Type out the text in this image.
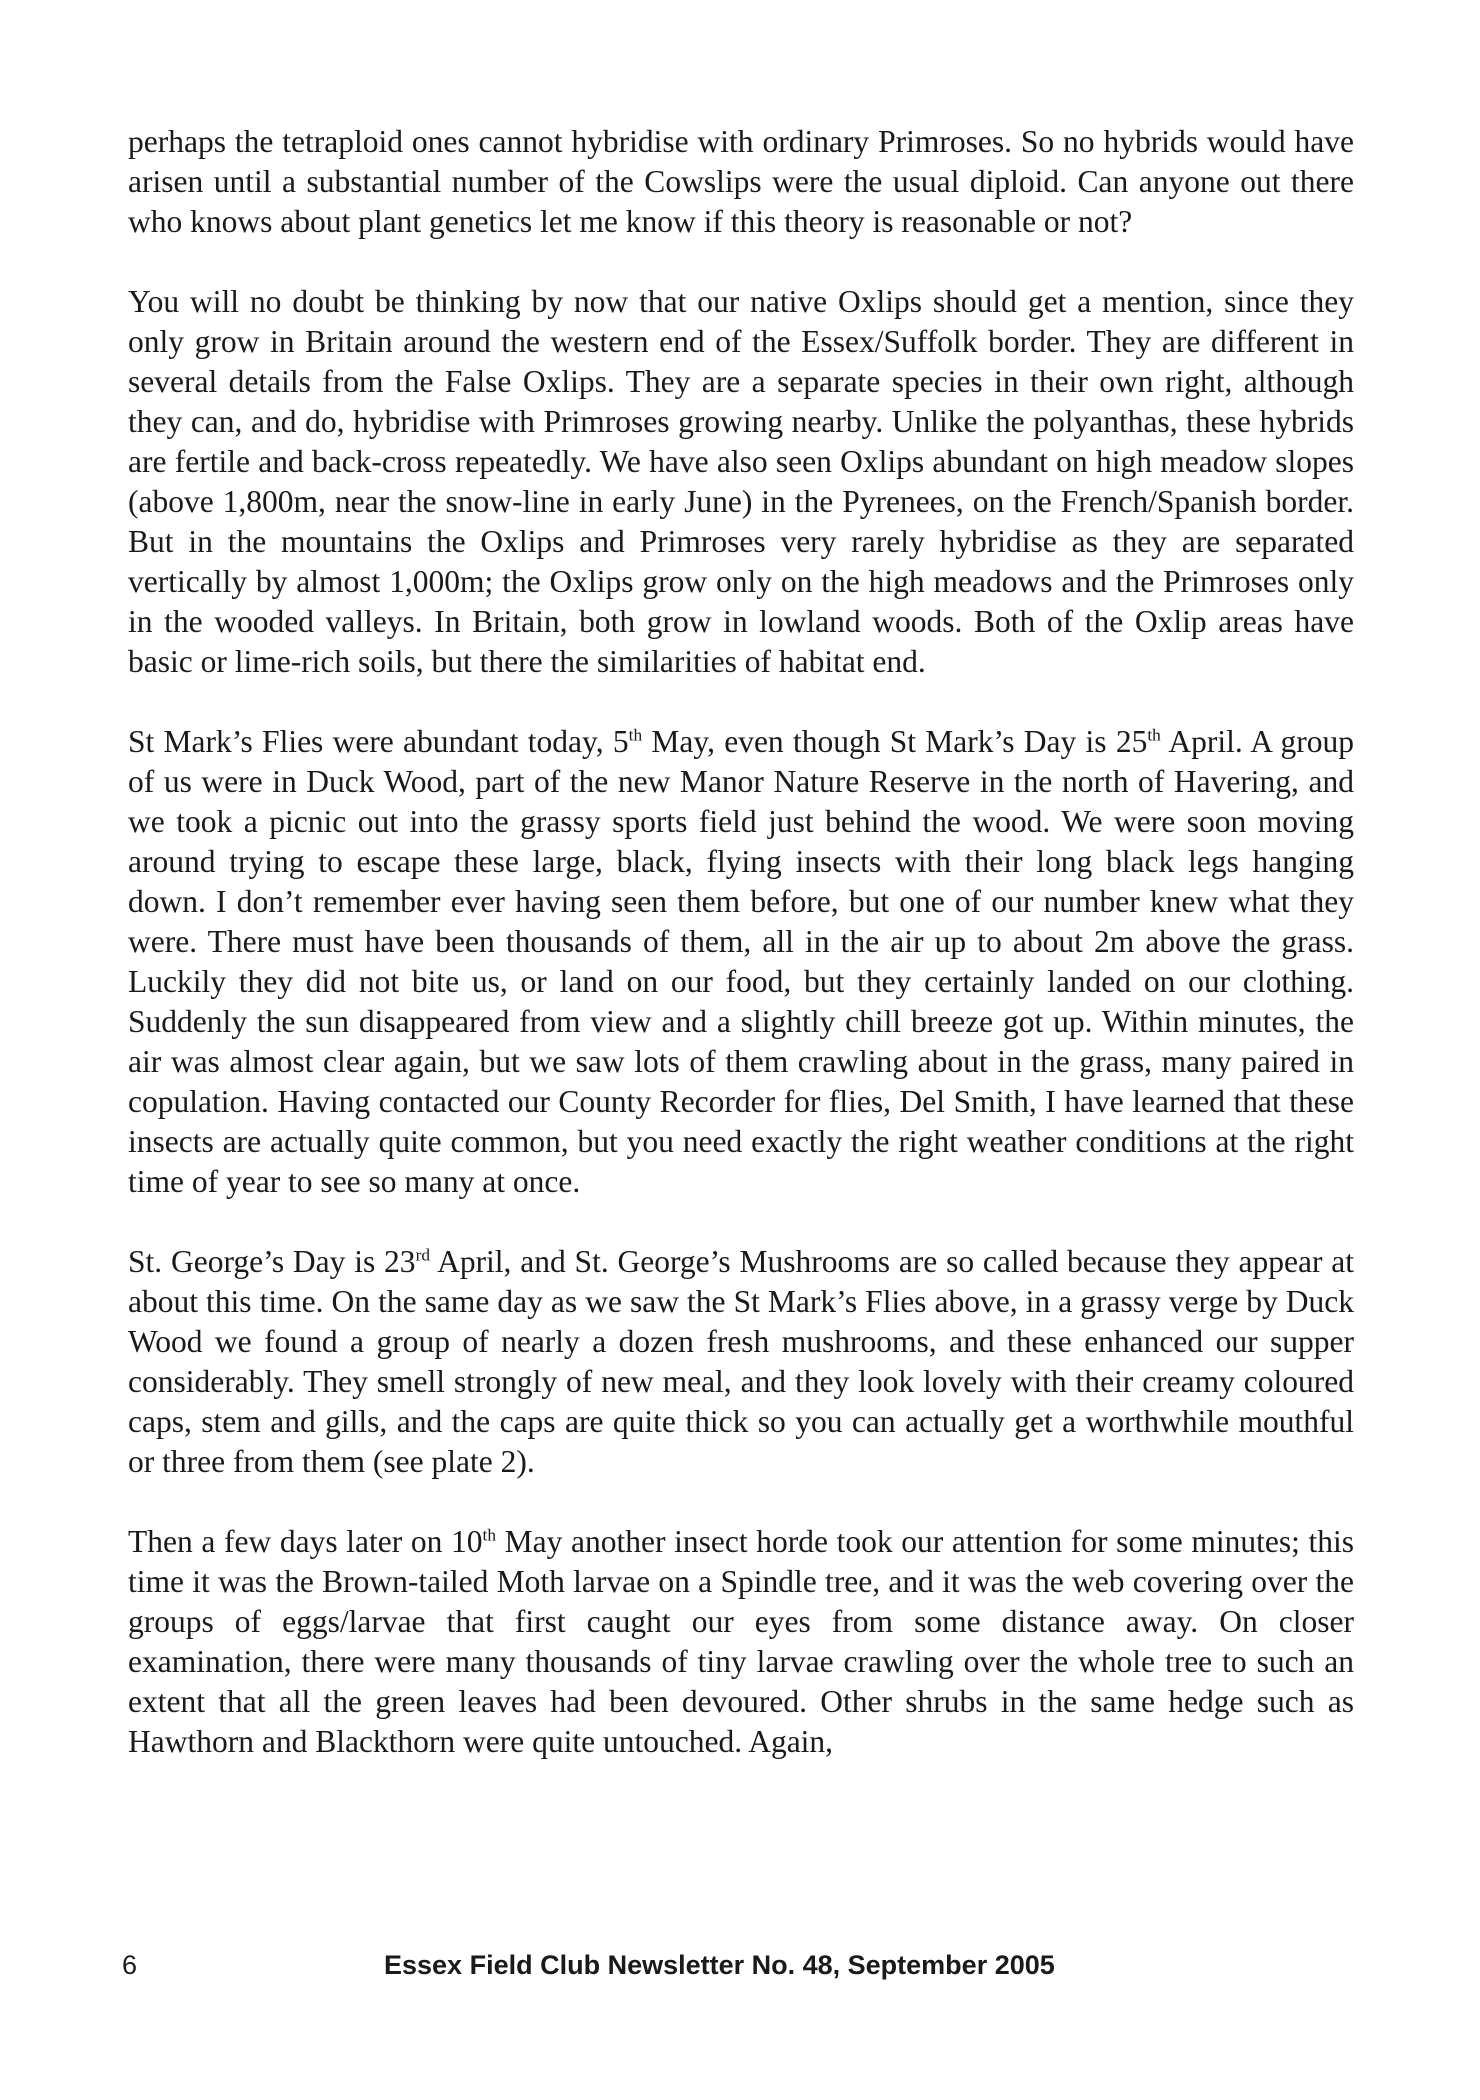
perhaps the tetraploid ones cannot hybridise with ordinary Primroses. So no hybrids would have arisen until a substantial number of the Cowslips were the usual diploid. Can anyone out there who knows about plant genetics let me know if this theory is reasonable or not?

You will no doubt be thinking by now that our native Oxlips should get a mention, since they only grow in Britain around the western end of the Essex/Suffolk border. They are different in several details from the False Oxlips. They are a separate species in their own right, although they can, and do, hybridise with Primroses growing nearby. Unlike the polyanthas, these hybrids are fertile and back-cross repeatedly. We have also seen Oxlips abundant on high meadow slopes (above 1,800m, near the snow-line in early June) in the Pyrenees, on the French/Spanish border. But in the mountains the Oxlips and Primroses very rarely hybridise as they are separated vertically by almost 1,000m; the Oxlips grow only on the high meadows and the Primroses only in the wooded valleys. In Britain, both grow in lowland woods. Both of the Oxlip areas have basic or lime-rich soils, but there the similarities of habitat end.

St Mark’s Flies were abundant today, 5th May, even though St Mark’s Day is 25th April. A group of us were in Duck Wood, part of the new Manor Nature Reserve in the north of Havering, and we took a picnic out into the grassy sports field just behind the wood. We were soon moving around trying to escape these large, black, flying insects with their long black legs hanging down. I don’t remember ever having seen them before, but one of our number knew what they were. There must have been thousands of them, all in the air up to about 2m above the grass. Luckily they did not bite us, or land on our food, but they certainly landed on our clothing. Suddenly the sun disappeared from view and a slightly chill breeze got up. Within minutes, the air was almost clear again, but we saw lots of them crawling about in the grass, many paired in copulation. Having contacted our County Recorder for flies, Del Smith, I have learned that these insects are actually quite common, but you need exactly the right weather conditions at the right time of year to see so many at once.

St. George’s Day is 23rd April, and St. George’s Mushrooms are so called because they appear at about this time. On the same day as we saw the St Mark’s Flies above, in a grassy verge by Duck Wood we found a group of nearly a dozen fresh mushrooms, and these enhanced our supper considerably. They smell strongly of new meal, and they look lovely with their creamy coloured caps, stem and gills, and the caps are quite thick so you can actually get a worthwhile mouthful or three from them (see plate 2).

Then a few days later on 10th May another insect horde took our attention for some minutes; this time it was the Brown-tailed Moth larvae on a Spindle tree, and it was the web covering over the groups of eggs/larvae that first caught our eyes from some distance away. On closer examination, there were many thousands of tiny larvae crawling over the whole tree to such an extent that all the green leaves had been devoured. Other shrubs in the same hedge such as Hawthorn and Blackthorn were quite untouched. Again,

6	Essex Field Club Newsletter No. 48, September 2005
